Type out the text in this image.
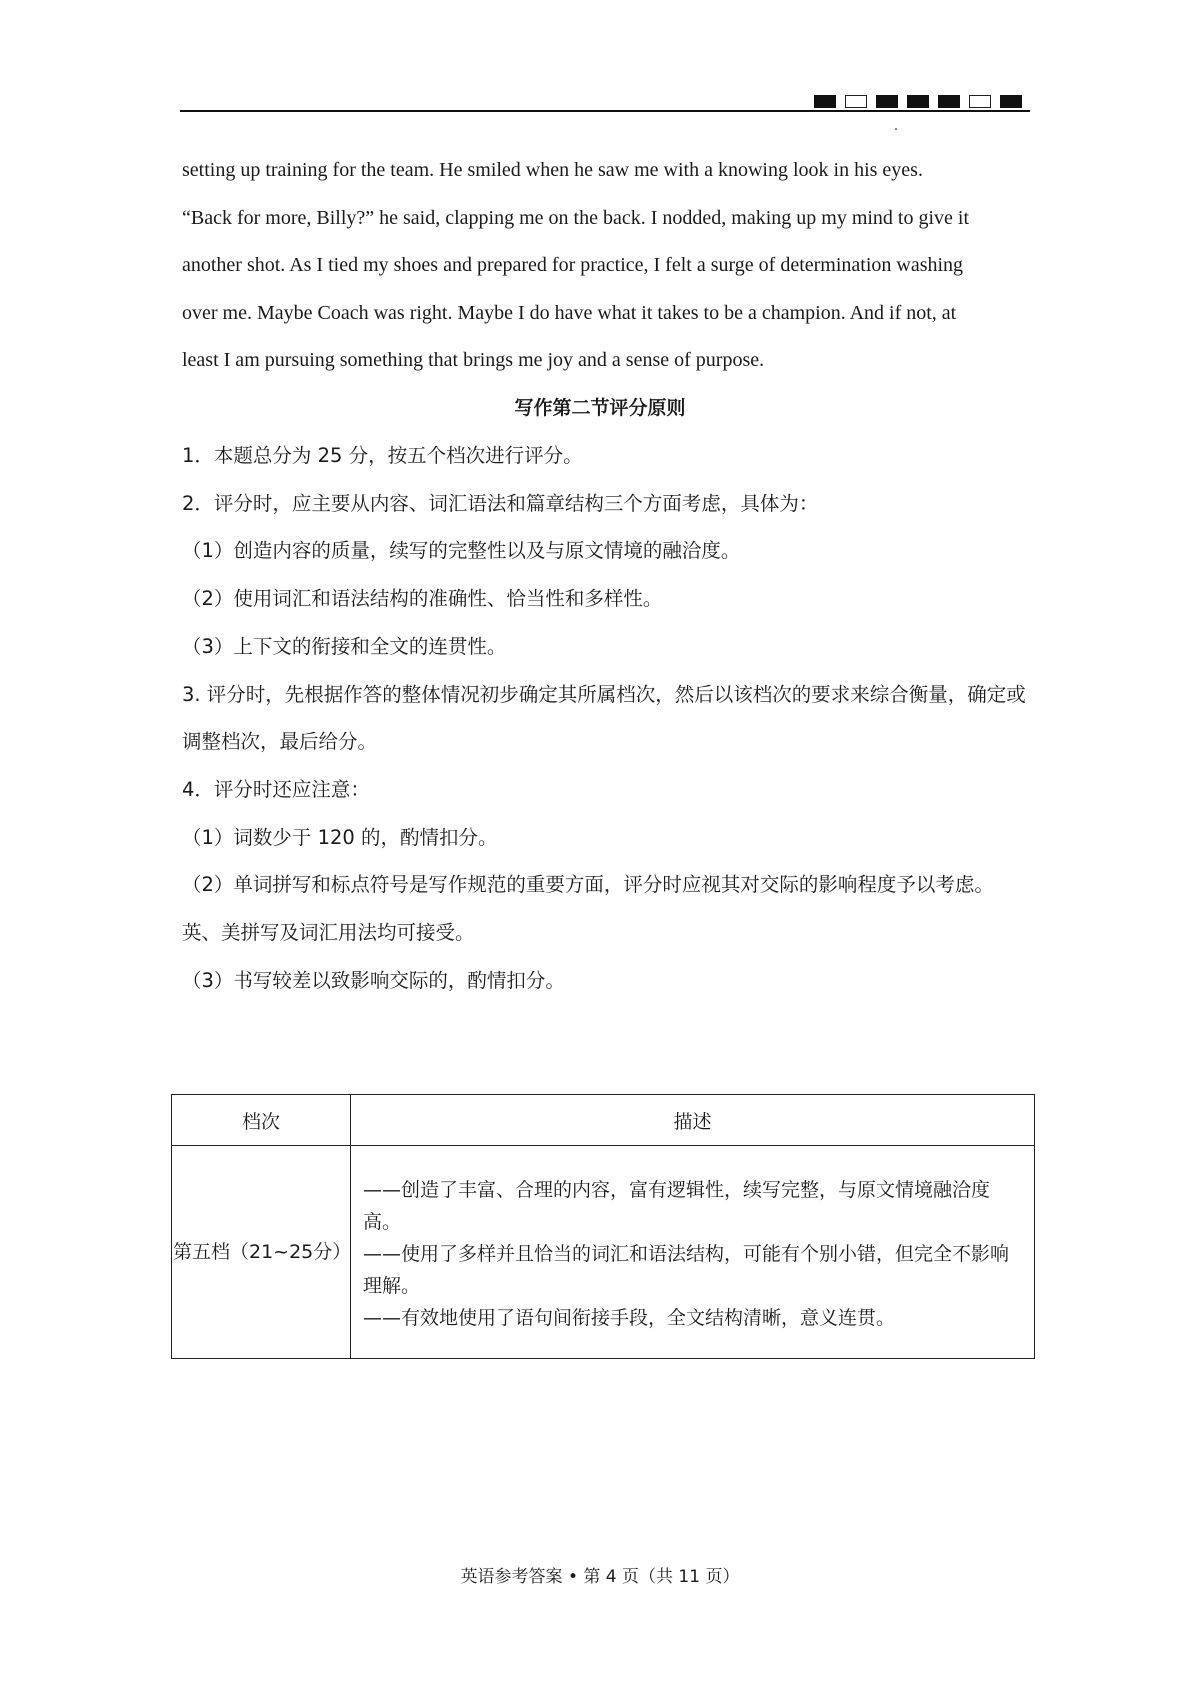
setting up training for the team. He smiled when he saw me with a knowing look in his eyes.

“Back for more, Billy?” he said, clapping me on the back. I nodded, making up my mind to give it

another shot. As I tied my shoes and prepared for practice, I felt a surge of determination washing

over me. Maybe Coach was right. Maybe I do have what it takes to be a champion. And if not, at

least I am pursuing something that brings me joy and a sense of purpose.

写作第二节评分原则
1．本题总分为 25 分，按五个档次进行评分。
2．评分时，应主要从内容、词汇语法和篇章结构三个方面考虑，具体为：
（1）创造内容的质量，续写的完整性以及与原文情境的融洽度。
（2）使用词汇和语法结构的准确性、恰当性和多样性。
（3）上下文的衔接和全文的连贯性。
3. 评分时，先根据作答的整体情况初步确定其所属档次，然后以该档次的要求来综合衡量，确定或调整档次，最后给分。
4．评分时还应注意：
（1）词数少于 120 的，酌情扣分。
（2）单词拼写和标点符号是写作规范的重要方面，评分时应视其对交际的影响程度予以考虑。
英、美拼写及词汇用法均可接受。
（3）书写较差以致影响交际的，酌情扣分。
档次	描述
第五档（21~25分）	——创造了丰富、合理的内容，富有逻辑性，续写完整，与原文情境融洽度高。
——使用了多样并且恰当的词汇和语法结构，可能有个别小错，但完全不影响理解。
——有效地使用了语句间衔接手段，全文结构清晰，意义连贯。
英语参考答案 • 第 4 页（共 11 页）
